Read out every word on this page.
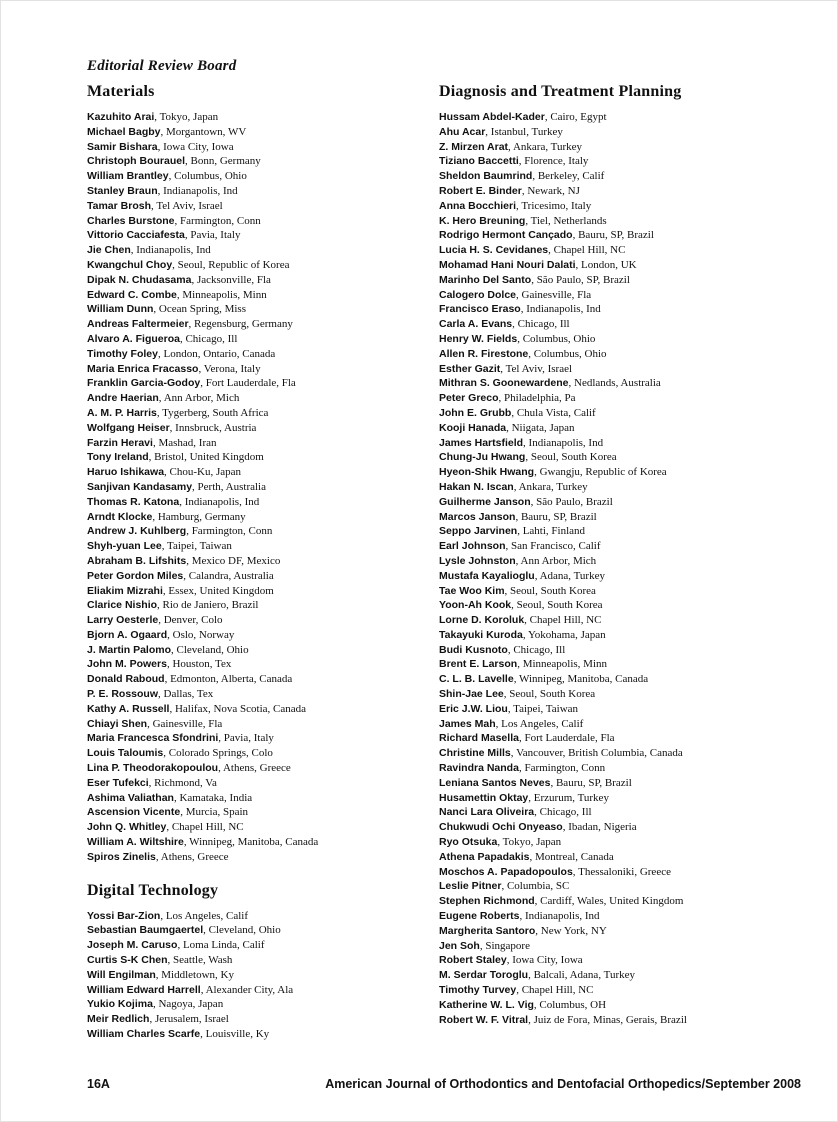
Editorial Review Board
Materials
Kazuhito Arai, Tokyo, Japan
Michael Bagby, Morgantown, WV
Samir Bishara, Iowa City, Iowa
Christoph Bourauel, Bonn, Germany
William Brantley, Columbus, Ohio
Stanley Braun, Indianapolis, Ind
Tamar Brosh, Tel Aviv, Israel
Charles Burstone, Farmington, Conn
Vittorio Cacciafesta, Pavia, Italy
Jie Chen, Indianapolis, Ind
Kwangchul Choy, Seoul, Republic of Korea
Dipak N. Chudasama, Jacksonville, Fla
Edward C. Combe, Minneapolis, Minn
William Dunn, Ocean Spring, Miss
Andreas Faltermeier, Regensburg, Germany
Alvaro A. Figueroa, Chicago, Ill
Timothy Foley, London, Ontario, Canada
Maria Enrica Fracasso, Verona, Italy
Franklin Garcia-Godoy, Fort Lauderdale, Fla
Andre Haerian, Ann Arbor, Mich
A. M. P. Harris, Tygerberg, South Africa
Wolfgang Heiser, Innsbruck, Austria
Farzin Heravi, Mashad, Iran
Tony Ireland, Bristol, United Kingdom
Haruo Ishikawa, Chou-Ku, Japan
Sanjivan Kandasamy, Perth, Australia
Thomas R. Katona, Indianapolis, Ind
Arndt Klocke, Hamburg, Germany
Andrew J. Kuhlberg, Farmington, Conn
Shyh-yuan Lee, Taipei, Taiwan
Abraham B. Lifshits, Mexico DF, Mexico
Peter Gordon Miles, Calandra, Australia
Eliakim Mizrahi, Essex, United Kingdom
Clarice Nishio, Rio de Janiero, Brazil
Larry Oesterle, Denver, Colo
Bjorn A. Ogaard, Oslo, Norway
J. Martin Palomo, Cleveland, Ohio
John M. Powers, Houston, Tex
Donald Raboud, Edmonton, Alberta, Canada
P. E. Rossouw, Dallas, Tex
Kathy A. Russell, Halifax, Nova Scotia, Canada
Chiayi Shen, Gainesville, Fla
Maria Francesca Sfondrini, Pavia, Italy
Louis Taloumis, Colorado Springs, Colo
Lina P. Theodorakopoulou, Athens, Greece
Eser Tufekci, Richmond, Va
Ashima Valiathan, Kamataka, India
Ascension Vicente, Murcia, Spain
John Q. Whitley, Chapel Hill, NC
William A. Wiltshire, Winnipeg, Manitoba, Canada
Spiros Zinelis, Athens, Greece
Digital Technology
Yossi Bar-Zion, Los Angeles, Calif
Sebastian Baumgaertel, Cleveland, Ohio
Joseph M. Caruso, Loma Linda, Calif
Curtis S-K Chen, Seattle, Wash
Will Engilman, Middletown, Ky
William Edward Harrell, Alexander City, Ala
Yukio Kojima, Nagoya, Japan
Meir Redlich, Jerusalem, Israel
William Charles Scarfe, Louisville, Ky
Diagnosis and Treatment Planning
Hussam Abdel-Kader, Cairo, Egypt
Ahu Acar, Istanbul, Turkey
Z. Mirzen Arat, Ankara, Turkey
Tiziano Baccetti, Florence, Italy
Sheldon Baumrind, Berkeley, Calif
Robert E. Binder, Newark, NJ
Anna Bocchieri, Tricesimo, Italy
K. Hero Breuning, Tiel, Netherlands
Rodrigo Hermont Cançado, Bauru, SP, Brazil
Lucia H. S. Cevidanes, Chapel Hill, NC
Mohamad Hani Nouri Dalati, London, UK
Marinho Del Santo, São Paulo, SP, Brazil
Calogero Dolce, Gainesville, Fla
Francisco Eraso, Indianapolis, Ind
Carla A. Evans, Chicago, Ill
Henry W. Fields, Columbus, Ohio
Allen R. Firestone, Columbus, Ohio
Esther Gazit, Tel Aviv, Israel
Mithran S. Goonewardene, Nedlands, Australia
Peter Greco, Philadelphia, Pa
John E. Grubb, Chula Vista, Calif
Kooji Hanada, Niigata, Japan
James Hartsfield, Indianapolis, Ind
Chung-Ju Hwang, Seoul, South Korea
Hyeon-Shik Hwang, Gwangju, Republic of Korea
Hakan N. Iscan, Ankara, Turkey
Guilherme Janson, São Paulo, Brazil
Marcos Janson, Bauru, SP, Brazil
Seppo Jarvinen, Lahti, Finland
Earl Johnson, San Francisco, Calif
Lysle Johnston, Ann Arbor, Mich
Mustafa Kayalioglu, Adana, Turkey
Tae Woo Kim, Seoul, South Korea
Yoon-Ah Kook, Seoul, South Korea
Lorne D. Koroluk, Chapel Hill, NC
Takayuki Kuroda, Yokohama, Japan
Budi Kusnoto, Chicago, Ill
Brent E. Larson, Minneapolis, Minn
C. L. B. Lavelle, Winnipeg, Manitoba, Canada
Shin-Jae Lee, Seoul, South Korea
Eric J.W. Liou, Taipei, Taiwan
James Mah, Los Angeles, Calif
Richard Masella, Fort Lauderdale, Fla
Christine Mills, Vancouver, British Columbia, Canada
Ravindra Nanda, Farmington, Conn
Leniana Santos Neves, Bauru, SP, Brazil
Husamettin Oktay, Erzurum, Turkey
Nanci Lara Oliveira, Chicago, Ill
Chukwudi Ochi Onyeaso, Ibadan, Nigeria
Ryo Otsuka, Tokyo, Japan
Athena Papadakis, Montreal, Canada
Moschos A. Papadopoulos, Thessaloniki, Greece
Leslie Pitner, Columbia, SC
Stephen Richmond, Cardiff, Wales, United Kingdom
Eugene Roberts, Indianapolis, Ind
Margherita Santoro, New York, NY
Jen Soh, Singapore
Robert Staley, Iowa City, Iowa
M. Serdar Toroglu, Balcali, Adana, Turkey
Timothy Turvey, Chapel Hill, NC
Katherine W. L. Vig, Columbus, OH
Robert W. F. Vitral, Juiz de Fora, Minas, Gerais, Brazil
16A	American Journal of Orthodontics and Dentofacial Orthopedics/September 2008
